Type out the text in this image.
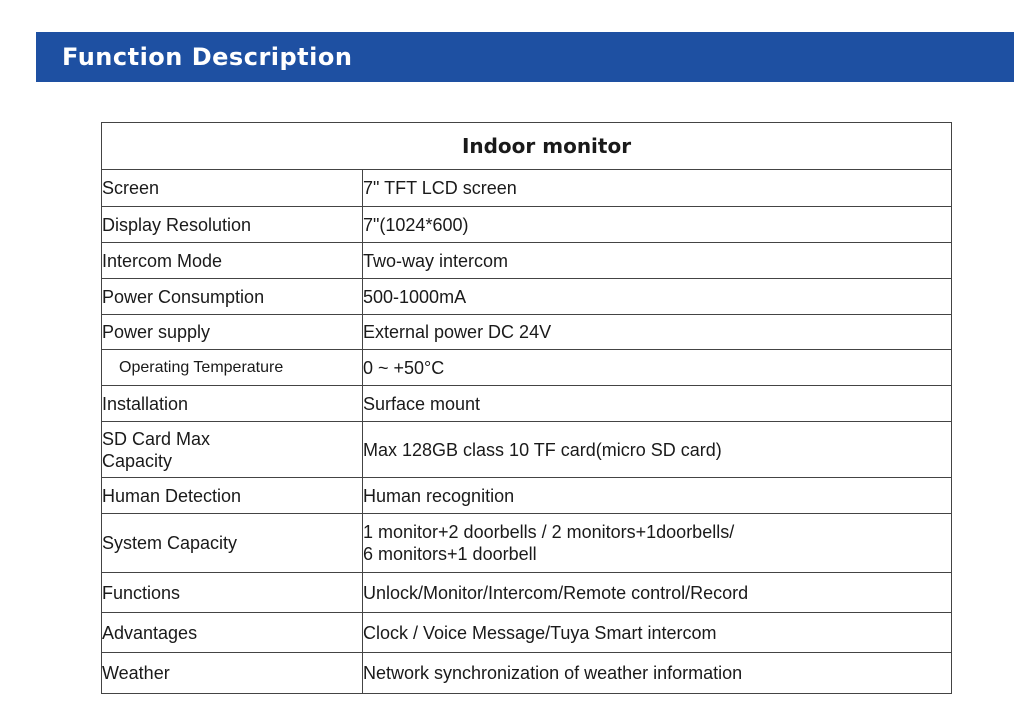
Function Description
Indoor monitor	

Screen	7" TFT LCD screen

Display Resolution	7"(1024*600)

Intercom Mode	Two-way intercom

Power Consumption	500-1000mA

Power supply	External power DC 24V

Operating Temperature	0 ~ +50°C

Installation	Surface mount

SD Card Max
Capacity	Max 128GB class 10 TF card(micro SD card)

Human Detection	Human recognition

System Capacity	1 monitor+2 doorbells / 2 monitors+1doorbells/
6 monitors+1 doorbell

Functions	Unlock/Monitor/Intercom/Remote control/Record

Advantages	Clock / Voice Message/Tuya Smart intercom

Weather	Network synchronization of weather information
